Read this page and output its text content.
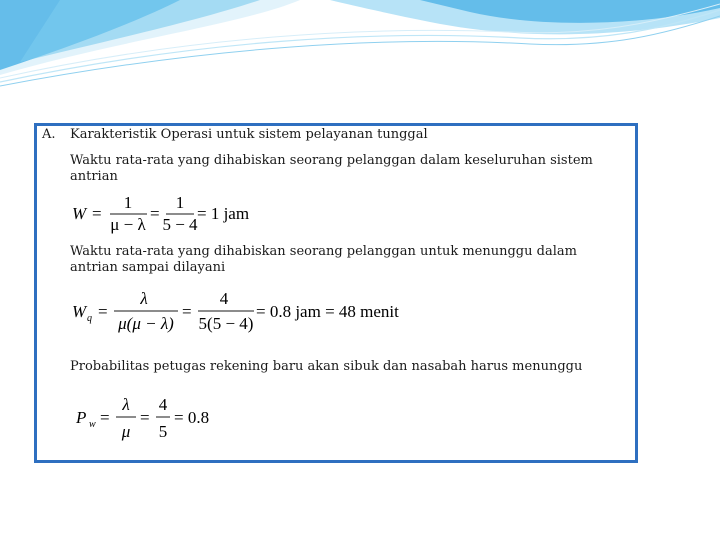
A. Karakteristik Operasi untuk sistem pelayanan tunggal
Waktu rata-rata yang dihabiskan seorang pelanggan dalam keseluruhan sistem antrian
W =
1
μ − λ
=
1
5 − 4
= 1 jam
Waktu rata-rata yang dihabiskan seorang pelanggan untuk menunggu dalam antrian sampai dilayani
W q =
λ
μ(μ − λ)
=
4
5(5 − 4)
= 0.8 jam = 48 menit
Probabilitas petugas rekening baru akan sibuk dan nasabah harus menunggu
P w =
λ
μ
=
4
5
= 0.8
